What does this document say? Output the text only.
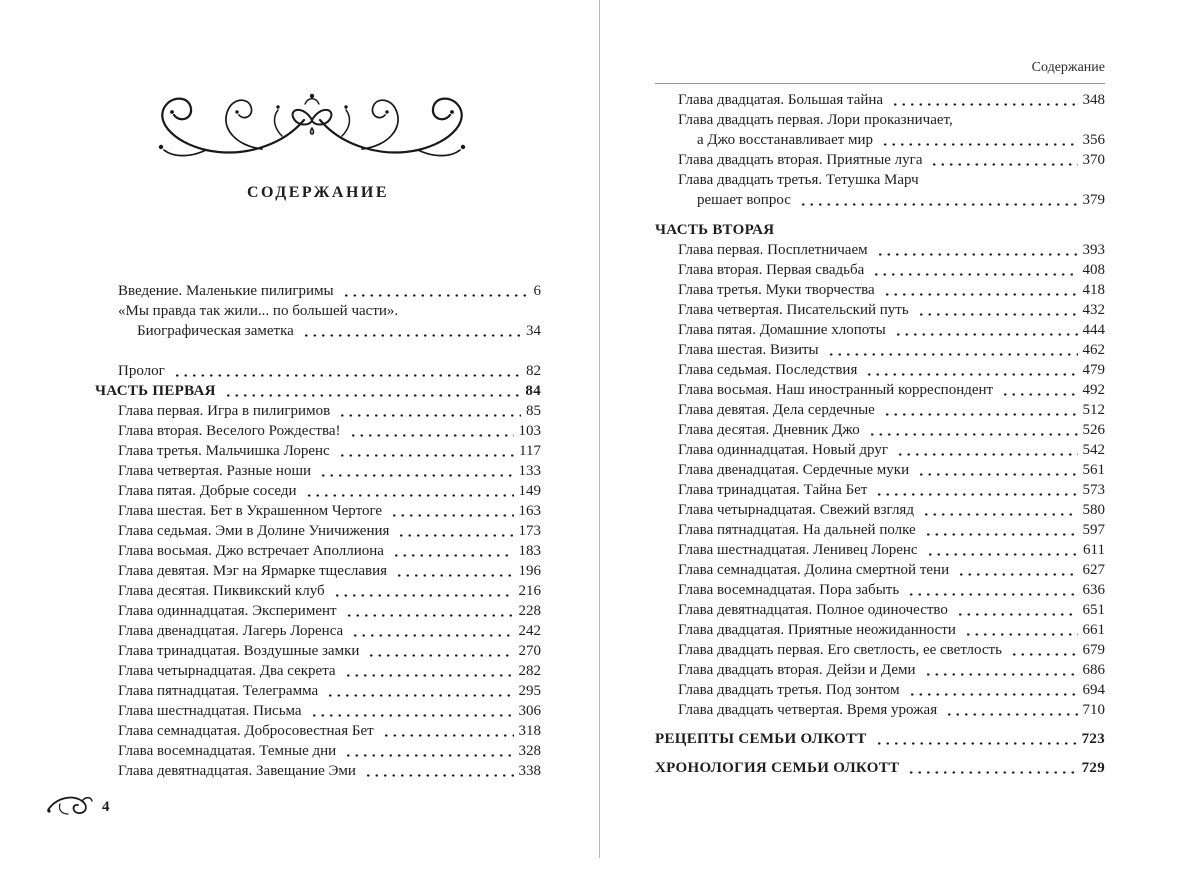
СОДЕРЖАНИЕ
Введение. Маленькие пилигримы	6
«Мы правда так жили... по большей части».
Биографическая заметка	34
Пролог	82
ЧАСТЬ ПЕРВАЯ	84
Глава первая. Игра в пилигримов	85
Глава вторая. Веселого Рождества!	103
Глава третья. Мальчишка Лоренс	117
Глава четвертая. Разные ноши	133
Глава пятая. Добрые соседи	149
Глава шестая. Бет в Украшенном Чертоге	163
Глава седьмая. Эми в Долине Уничижения	173
Глава восьмая. Джо встречает Аполлиона	183
Глава девятая. Мэг на Ярмарке тщеславия	196
Глава десятая. Пиквикский клуб	216
Глава одиннадцатая. Эксперимент	228
Глава двенадцатая. Лагерь Лоренса	242
Глава тринадцатая. Воздушные замки	270
Глава четырнадцатая. Два секрета	282
Глава пятнадцатая. Телеграмма	295
Глава шестнадцатая. Письма	306
Глава семнадцатая. Добросовестная Бет	318
Глава восемнадцатая. Темные дни	328
Глава девятнадцатая. Завещание Эми	338
4
Содержание
Глава двадцатая. Большая тайна	348
Глава двадцать первая. Лори проказничает,
а Джо восстанавливает мир	356
Глава двадцать вторая. Приятные луга	370
Глава двадцать третья. Тетушка Марч
решает вопрос	379
ЧАСТЬ ВТОРАЯ
Глава первая. Посплетничаем	393
Глава вторая. Первая свадьба	408
Глава третья. Муки творчества	418
Глава четвертая. Писательский путь	432
Глава пятая. Домашние хлопоты	444
Глава шестая. Визиты	462
Глава седьмая. Последствия	479
Глава восьмая. Наш иностранный корреспондент	492
Глава девятая. Дела сердечные	512
Глава десятая. Дневник Джо	526
Глава одиннадцатая. Новый друг	542
Глава двенадцатая. Сердечные муки	561
Глава тринадцатая. Тайна Бет	573
Глава четырнадцатая. Свежий взгляд	580
Глава пятнадцатая. На дальней полке	597
Глава шестнадцатая. Ленивец Лоренс	611
Глава семнадцатая. Долина смертной тени	627
Глава восемнадцатая. Пора забыть	636
Глава девятнадцатая. Полное одиночество	651
Глава двадцатая. Приятные неожиданности	661
Глава двадцать первая. Его светлость, ее светлость	679
Глава двадцать вторая. Дейзи и Деми	686
Глава двадцать третья. Под зонтом	694
Глава двадцать четвертая. Время урожая	710
РЕЦЕПТЫ СЕМЬИ ОЛКОТТ	723
ХРОНОЛОГИЯ СЕМЬИ ОЛКОТТ	729
